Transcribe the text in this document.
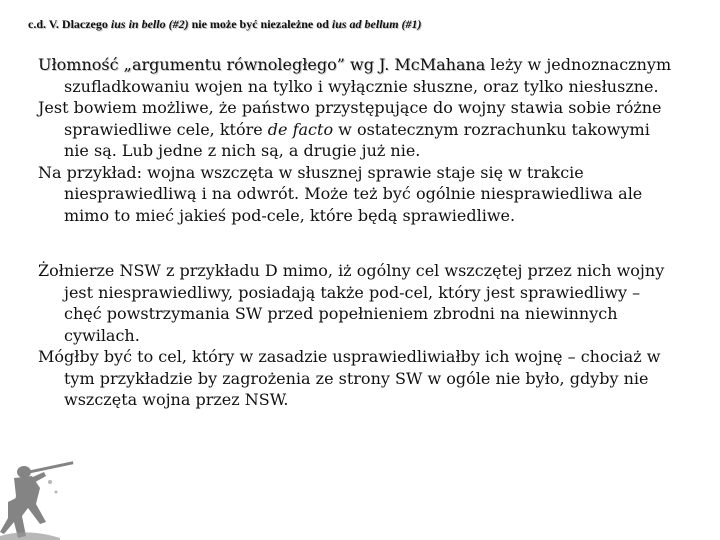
c.d. V. Dlaczego ius in bello (#2) nie może być niezależne od ius ad bellum (#1)

Ułomność „argumentu równoległego” wg J. McMahana leży w jednoznacznym szufladkowaniu wojen na tylko i wyłącznie słuszne, oraz tylko niesłuszne.

Jest bowiem możliwe, że państwo przystępujące do wojny stawia sobie różne sprawiedliwe cele, które de facto w ostatecznym rozrachunku takowymi nie są. Lub jedne z nich są, a drugie już nie.

Na przykład: wojna wszczęta w słusznej sprawie staje się w trakcie niesprawiedliwą i na odwrót. Może też być ogólnie niesprawiedliwa ale mimo to mieć jakieś pod-cele, które będą sprawiedliwe.

Żołnierze NSW z przykładu D mimo, iż ogólny cel wszczętej przez nich wojny jest niesprawiedliwy, posiadają także pod-cel, który jest sprawiedliwy – chęć powstrzymania SW przed popełnieniem zbrodni na niewinnych cywilach.

Mógłby być to cel, który w zasadzie usprawiedliwiałby ich wojnę – chociaż w tym przykładzie by zagrożenia ze strony SW w ogóle nie było, gdyby nie wszczęta wojna przez NSW.
